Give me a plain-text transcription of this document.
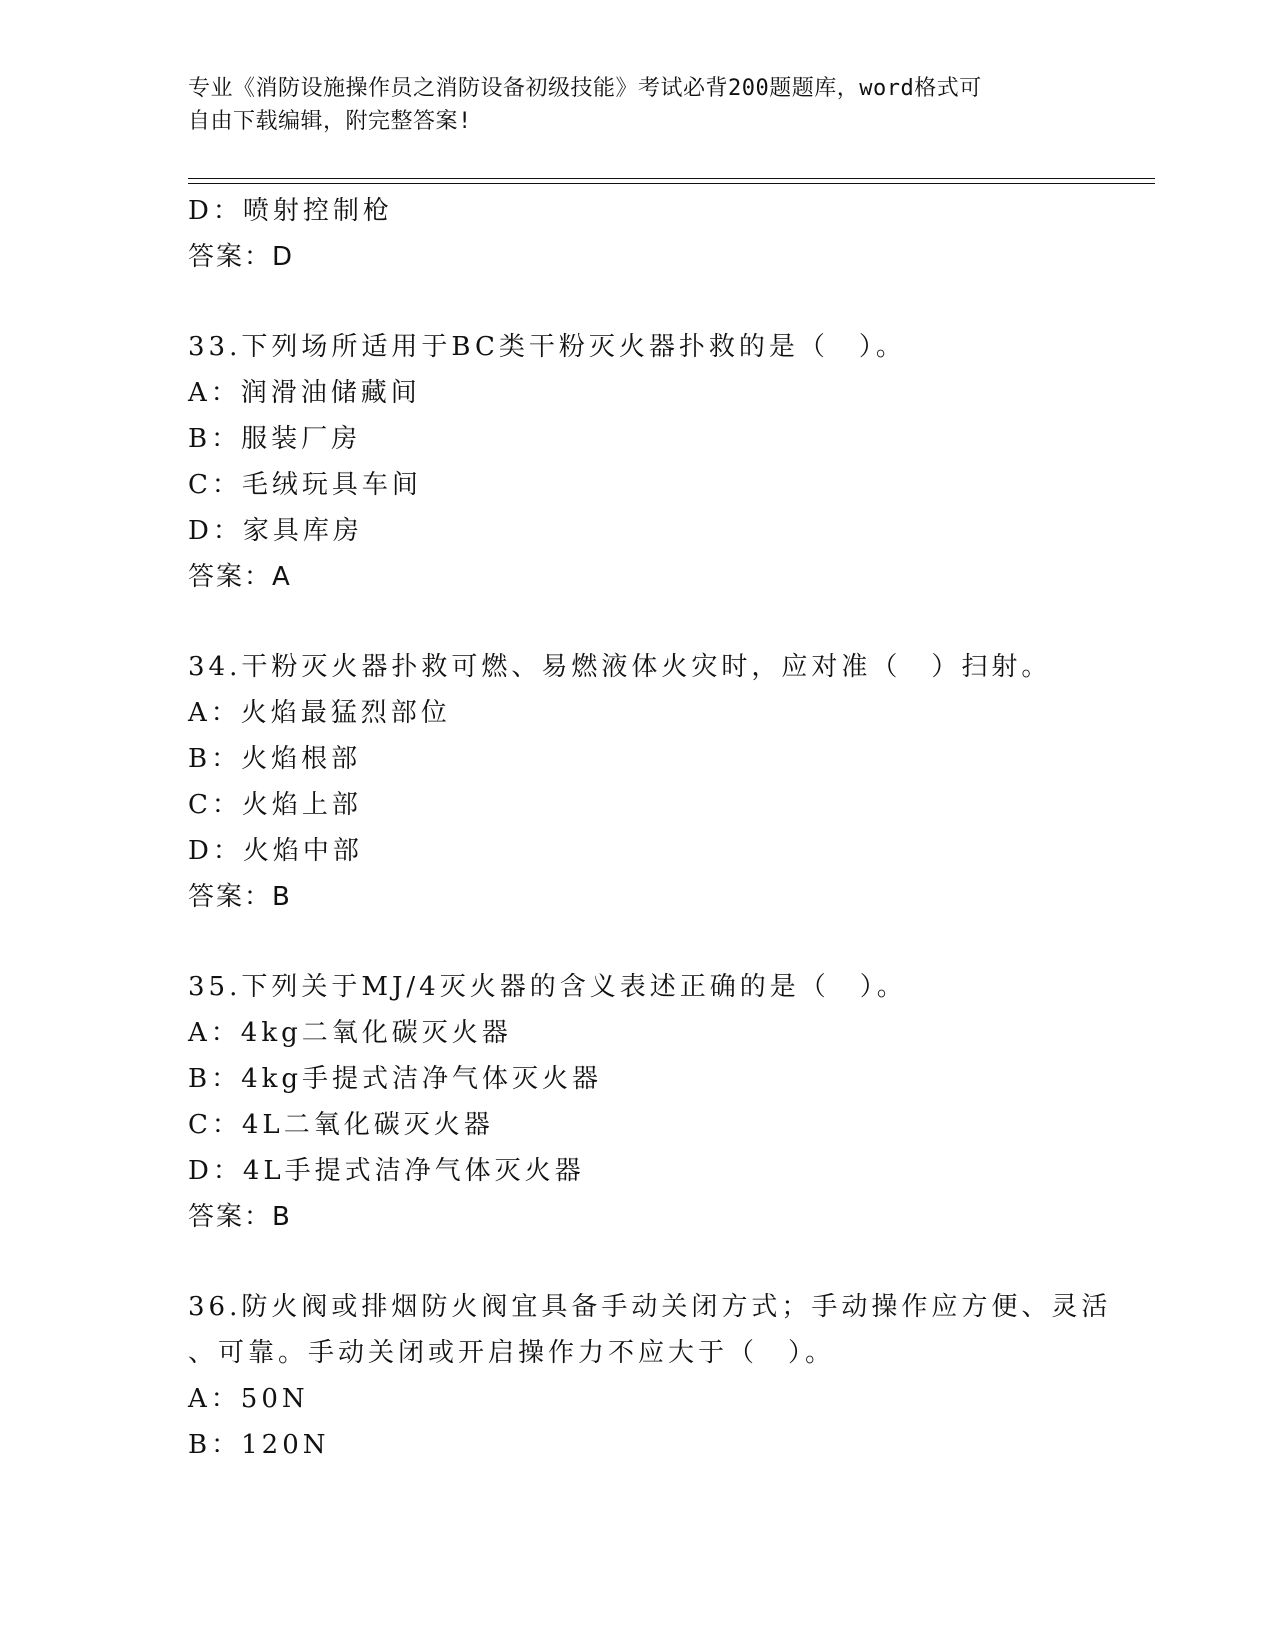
专业《消防设施操作员之消防设备初级技能》考试必背200题题库，word格式可
自由下载编辑，附完整答案!
D：喷射控制枪
答案：D
33.下列场所适用于BC类干粉灭火器扑救的是（　）。
A：润滑油储藏间
B：服装厂房
C：毛绒玩具车间
D：家具库房
答案：A
34.干粉灭火器扑救可燃、易燃液体火灾时，应对准（　）扫射。
A：火焰最猛烈部位
B：火焰根部
C：火焰上部
D：火焰中部
答案：B
35.下列关于MJ/4灭火器的含义表述正确的是（　）。
A：4kg二氧化碳灭火器
B：4kg手提式洁净气体灭火器
C：4L二氧化碳灭火器
D：4L手提式洁净气体灭火器
答案：B
36.防火阀或排烟防火阀宜具备手动关闭方式；手动操作应方便、灵活
、可靠。手动关闭或开启操作力不应大于（　）。
A：50N
B：120N
